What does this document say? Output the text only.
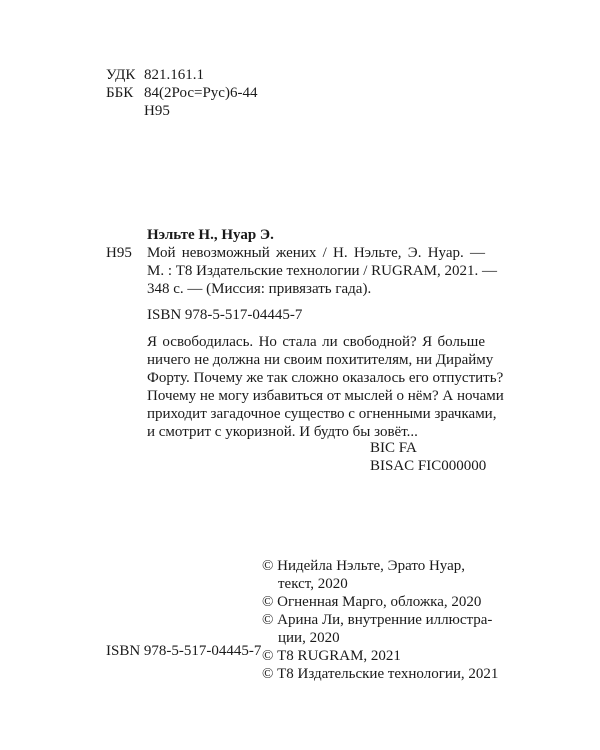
УДК 821.161.1
ББК 84(2Рос=Рус)6-44
Н95
Нэльте Н., Нуар Э.
Н95 Мой невозможный жених / Н. Нэльте, Э. Нуар. —
М. : Т8 Издательские технологии / RUGRAM, 2021. —
348 с. — (Миссия: привязать гада).
ISBN 978-5-517-04445-7
Я освободилась. Но стала ли свободной? Я больше
ничего не должна ни своим похитителям, ни Дирайму
Форту. Почему же так сложно оказалось его отпустить?
Почему не могу избавиться от мыслей о нём? А ночами
приходит загадочное существо с огненными зрачками,
и смотрит с укоризной. И будто бы зовёт...
BIC FA
BISAC FIC000000
© Нидейла Нэльте, Эрато Нуар,
текст, 2020
© Огненная Марго, обложка, 2020
© Арина Ли, внутренние иллюстра-
ции, 2020
© Т8 RUGRAM, 2021
© Т8 Издательские технологии, 2021
ISBN 978-5-517-04445-7
